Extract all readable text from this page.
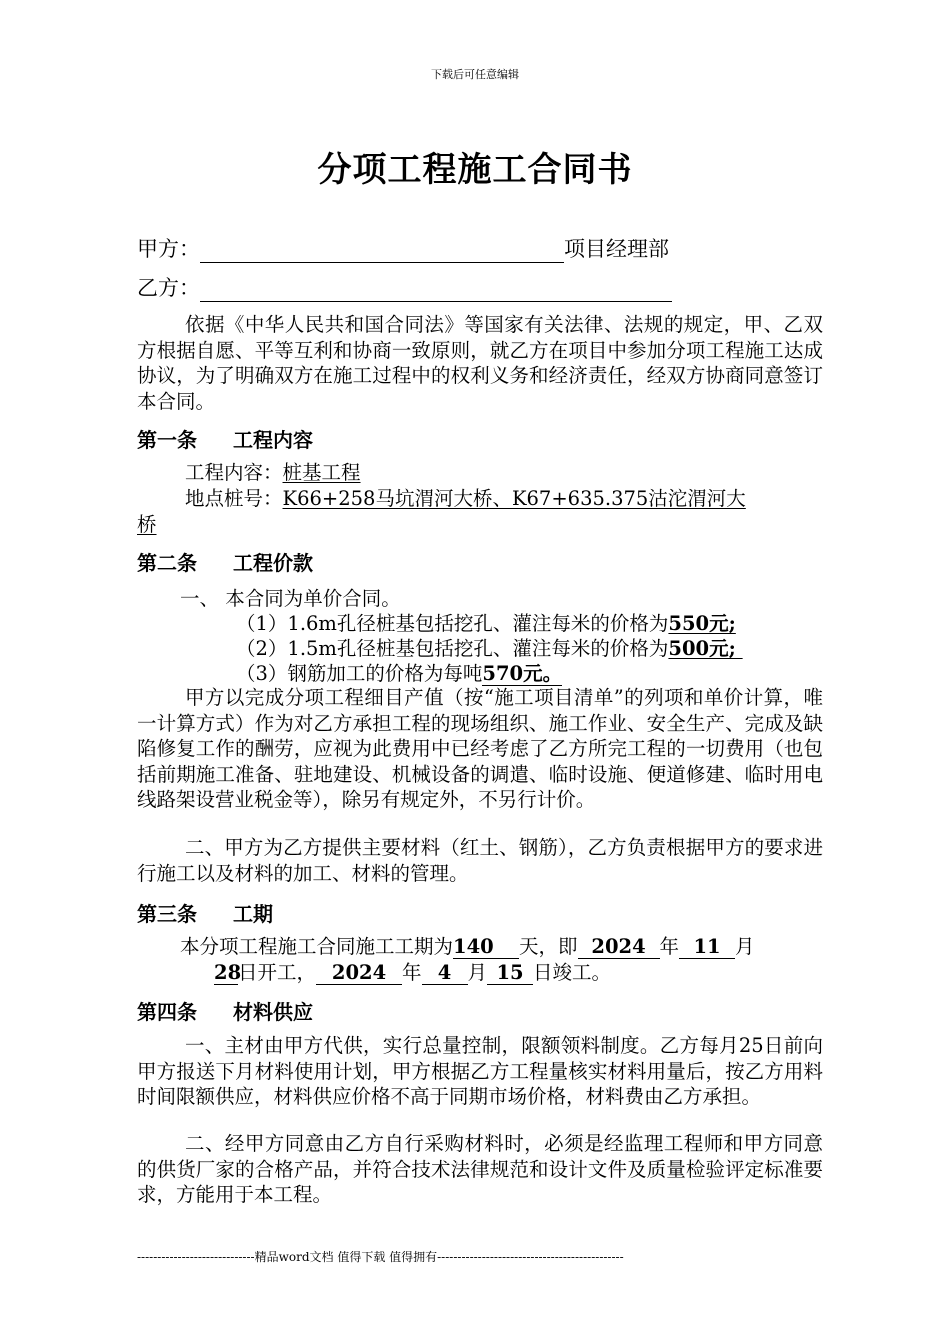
下载后可任意编辑
分项工程施工合同书
甲方：	项目经理部
乙方：

依据《中华人民共和国合同法》等国家有关法律、法规的规定，甲、乙双方根据自愿、平等互利和协商一致原则，就乙方在项目中参加分项工程施工达成协议，为了明确双方在施工过程中的权利义务和经济责任，经双方协商同意签订本合同。

第一条 工程内容
工程内容：桩基工程
地点桩号：K66+258马坑渭河大桥、K67+635.375沽沱渭河大
桥
第二条 工程价款
一、 本合同为单价合同。
（1）1.6m孔径桩基包括挖孔、灌注每米的价格为550元;
（2）1.5m孔径桩基包括挖孔、灌注每米的价格为500元;
（3）钢筋加工的价格为每吨570元。

甲方以完成分项工程细目产值（按“施工项目清单”的列项和单价计算，唯一计算方式）作为对乙方承担工程的现场组织、施工作业、安全生产、完成及缺陷修复工作的酬劳，应视为此费用中已经考虑了乙方所完工程的一切费用（也包括前期施工准备、驻地建设、机械设备的调遣、临时设施、便道修建、临时用电线路架设营业税金等），除另有规定外，不另行计价。

二、甲方为乙方提供主要材料（红土、钢筋），乙方负责根据甲方的要求进行施工以及材料的加工、材料的管理。

第三条 工期
本分项工程施工合同施工工期为140 天，即 2024 年 11 月
28日开工， 2024 年 4 月 15 日竣工。
第四条 材料供应

一、主材由甲方代供，实行总量控制，限额领料制度。乙方每月25日前向甲方报送下月材料使用计划，甲方根据乙方工程量核实材料用量后，按乙方用料时间限额供应，材料供应价格不高于同期市场价格，材料费由乙方承担。

二、经甲方同意由乙方自行采购材料时，必须是经监理工程师和甲方同意的供货厂家的合格产品，并符合技术法律规范和设计文件及质量检验评定标准要求，方能用于本工程。

-----------------------------精品word文档 值得下载 值得拥有----------------------------------------------
